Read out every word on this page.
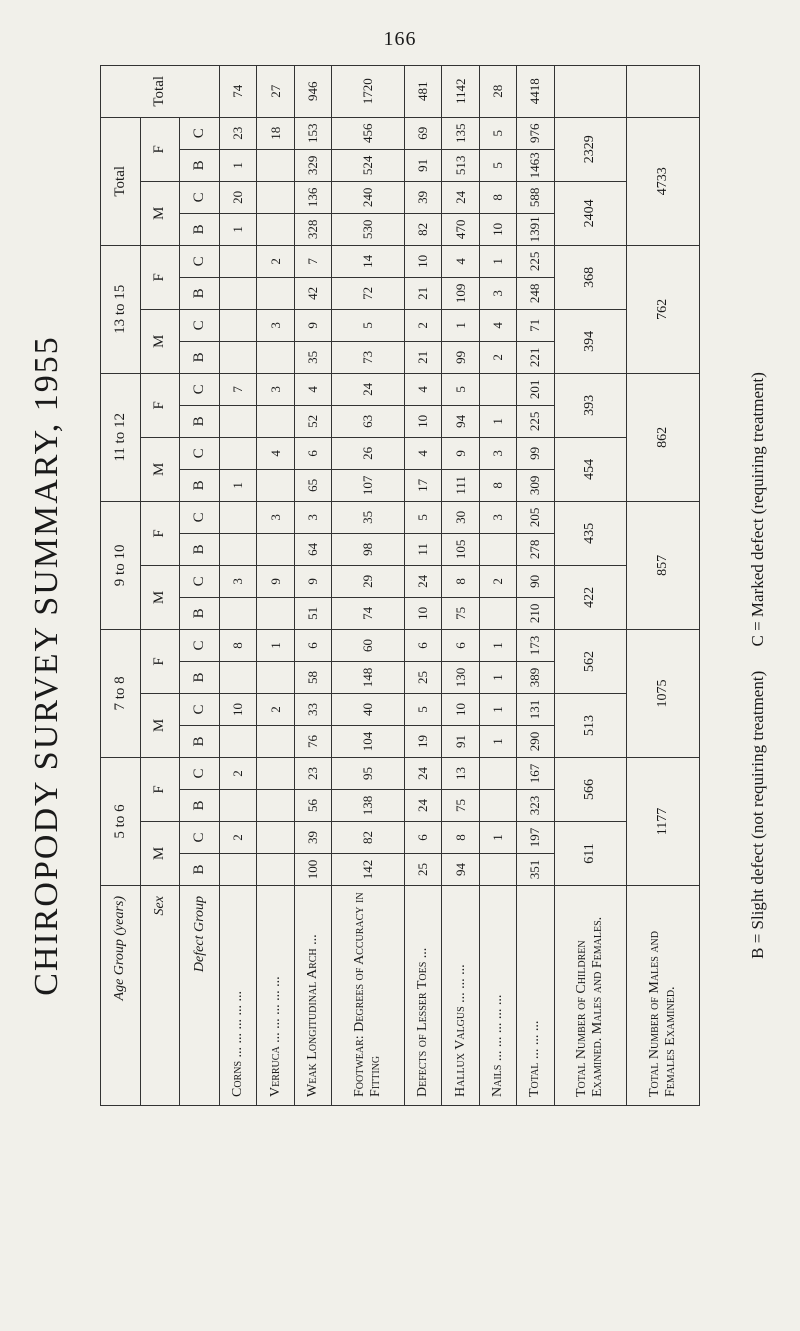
166
CHIROPODY SURVEY SUMMARY, 1955	Age Group (years)	5 to 6				7 to 8				9 to 10				11 to 12				13 to 15				Total				Total
Sex	M		F		M		F		M		F		M		F		M		F		M		F		
Defect Group	B	C	B	C	B	C	B	C	B	C	B	C	B	C	B	C	B	C	B	C	B	C	B	C	
Corns ... ... ... ... ...		2		2		10		8		3			1			7					1	20	1	23	74
Verruca ... ... ... ... ...						2		1		9		3		4		3		3		2				18	27
Weak Longitudinal Arch ...	100	39	56	23	76	33	58	6	51	9	64	3	65	6	52	4	35	9	42	7	328	136	329	153	946
Footwear: Degrees of Accuracy in Fitting	142	82	138	95	104	40	148	60	74	29	98	35	107	26	63	24	73	5	72	14	530	240	524	456	1720
Defects of Lesser Toes ...	25	6	24	24	19	5	25	6	10	24	11	5	17	4	10	4	21	2	21	10	82	39	91	69	481
Hallux Valgus ... ... ...	94	8	75	13	91	10	130	6	75	8	105	30	111	9	94	5	99	1	109	4	470	24	513	135	1142
Nails ... ... ... ... ...		1			1	1	1	1		2		3	8	3	1		2	4	3	1	10	8	5	5	28
Total ... ... ...	351	197	323	167	290	131	389	173	210	90	278	205	309	99	225	201	221	71	248	225	1391	588	1463	976	4418
Total Number of Children Examined. Males and Females.	611		566		513		562		422		435		454		393		394		368		2404		2329		
Total Number of Males and Females Examined.	1177				1075				857				862				762				4733				
B = Slight defect (not requiring treatment) C = Marked defect (requiring treatment)
